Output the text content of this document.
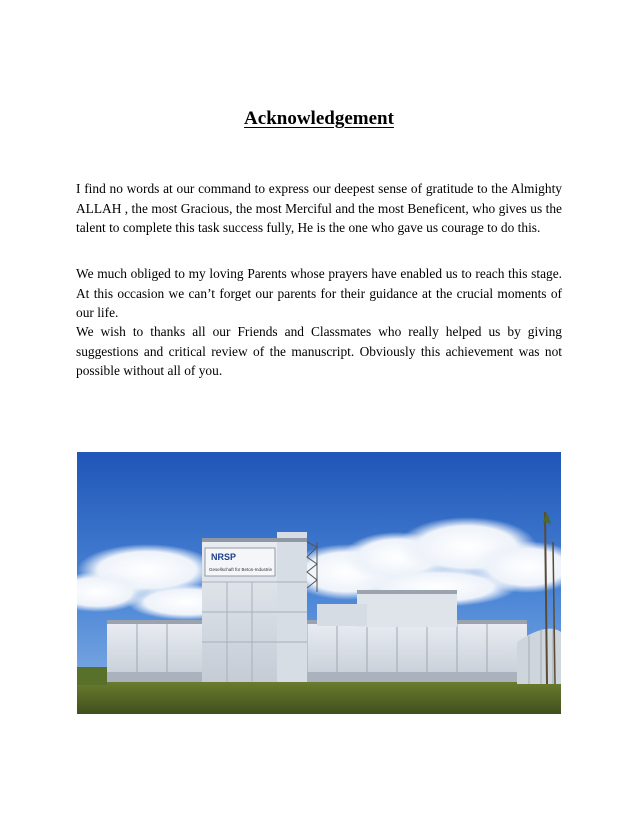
Acknowledgement

I find no words at our command to express our deepest sense of gratitude to the Almighty ALLAH , the most Gracious, the most Merciful and the most Beneficent, who gives us the talent to complete this task success fully, He is the one who gave us courage to do this.

We much obliged to my loving Parents whose prayers have enabled us to reach this stage. At this occasion we can’t forget our parents for their guidance at the crucial moments of our life.

We wish to thanks all our Friends and Classmates who really helped us by giving suggestions and critical review of the manuscript. Obviously this achievement was not possible without all of you.

NRSP
Gesellschaft für Beton-Industrie
